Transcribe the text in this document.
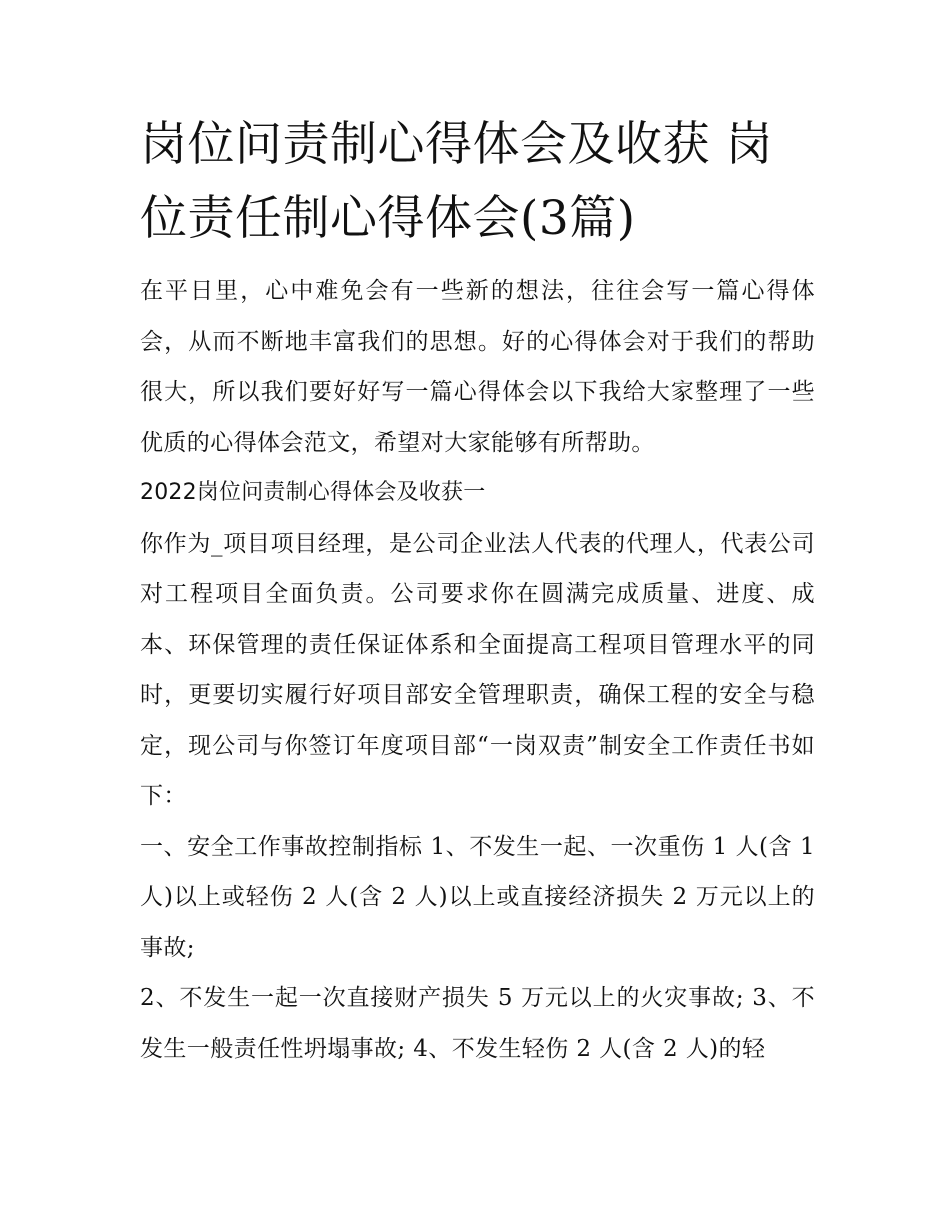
岗位问责制心得体会及收获 岗位责任制心得体会(3篇)

在平日里，心中难免会有一些新的想法，往往会写一篇心得体会，从而不断地丰富我们的思想。好的心得体会对于我们的帮助很大，所以我们要好好写一篇心得体会以下我给大家整理了一些优质的心得体会范文，希望对大家能够有所帮助。

2022岗位问责制心得体会及收获一

你作为_项目项目经理，是公司企业法人代表的代理人，代表公司对工程项目全面负责。公司要求你在圆满完成质量、进度、成本、环保管理的责任保证体系和全面提高工程项目管理水平的同时，更要切实履行好项目部安全管理职责，确保工程的安全与稳定，现公司与你签订年度项目部“一岗双责”制安全工作责任书如下：

一、安全工作事故控制指标 1、不发生一起、一次重伤 1 人(含 1 人)以上或轻伤 2 人(含 2 人)以上或直接经济损失 2 万元以上的事故;

2、不发生一起一次直接财产损失 5 万元以上的火灾事故; 3、不发生一般责任性坍塌事故; 4、不发生轻伤 2 人(含 2 人)的轻
